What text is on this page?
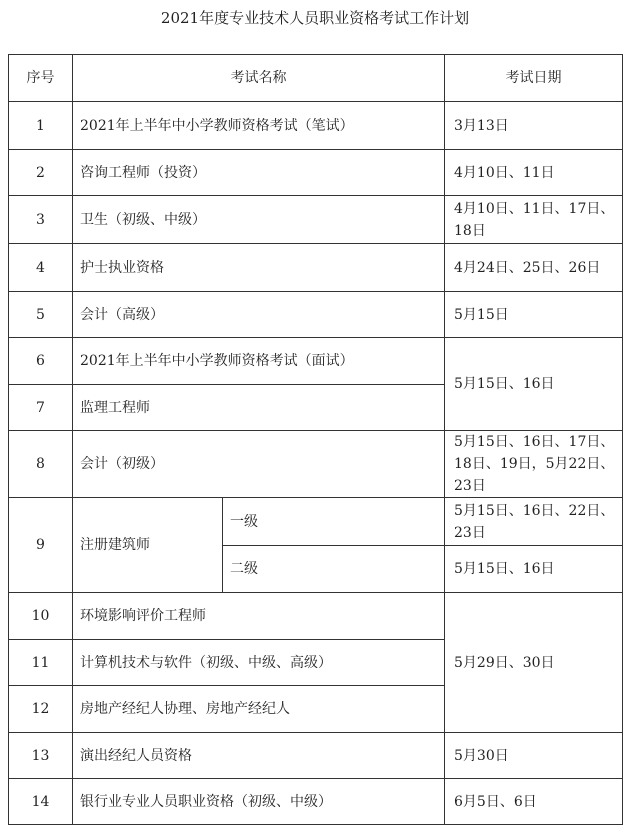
2021年度专业技术人员职业资格考试工作计划
序号	考试名称		考试日期
1	2021年上半年中小学教师资格考试（笔试）		3月13日
2	咨询工程师（投资）		4月10日、11日
3	卫生（初级、中级）		4月10日、11日、17日、18日
4	护士执业资格		4月24日、25日、26日
5	会计（高级）		5月15日
6	2021年上半年中小学教师资格考试（面试）		5月15日、16日
7	监理工程师		
8	会计（初级）		5月15日、16日、17日、18日、19日，5月22日、23日
9	注册建筑师	一级	5月15日、16日、22日、23日
		二级	5月15日、16日
10	环境影响评价工程师		5月29日、30日
11	计算机技术与软件（初级、中级、高级）		
12	房地产经纪人协理、房地产经纪人		
13	演出经纪人员资格		5月30日
14	银行业专业人员职业资格（初级、中级）		6月5日、6日
